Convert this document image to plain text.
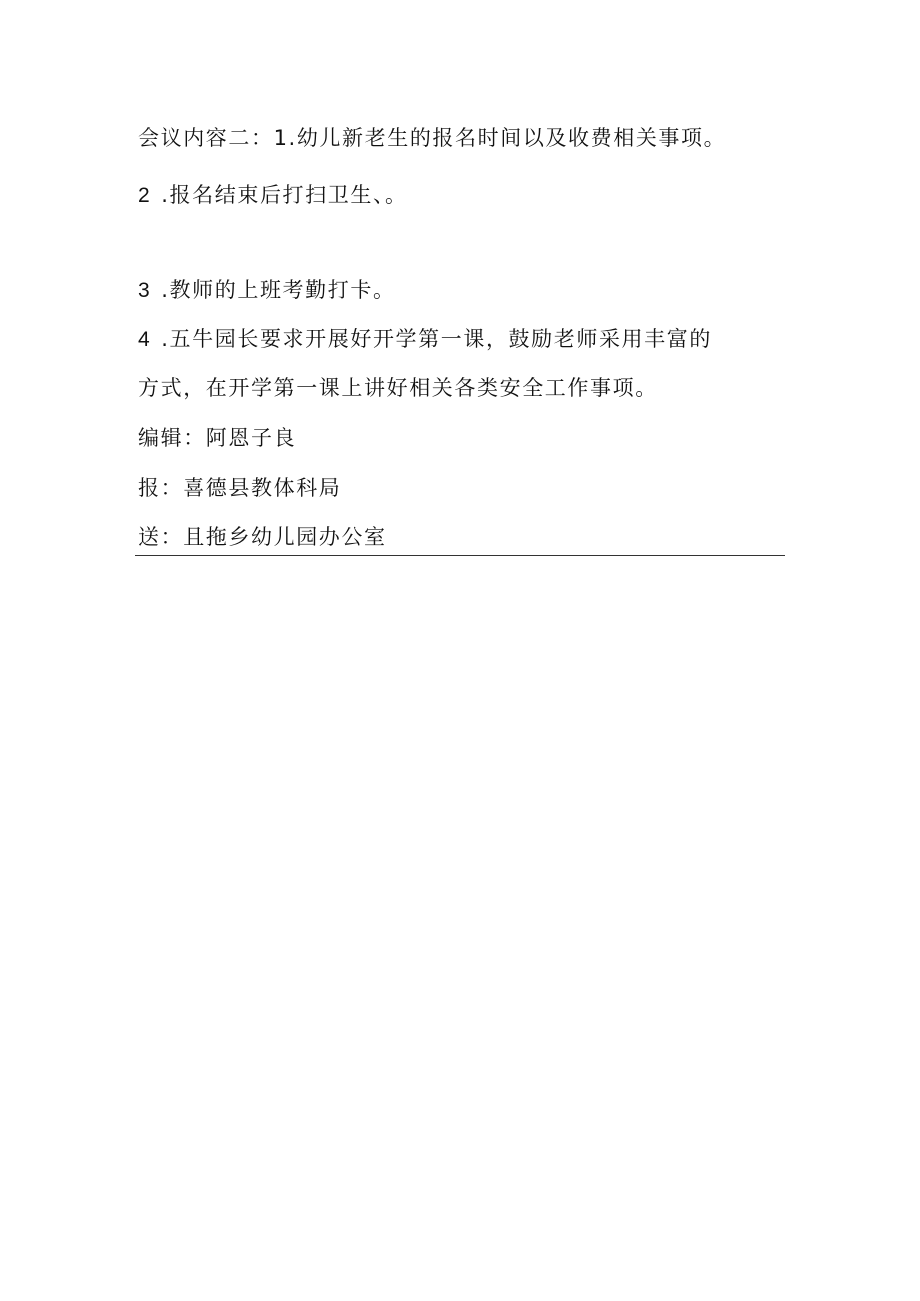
会议内容二：1.幼儿新老生的报名时间以及收费相关事项。
2 .报名结束后打扫卫生、。
3 .教师的上班考勤打卡。
4 .五牛园长要求开展好开学第一课，鼓励老师采用丰富的
方式，在开学第一课上讲好相关各类安全工作事项。
编辑：阿恩子良
报：喜德县教体科局
送：且拖乡幼儿园办公室
